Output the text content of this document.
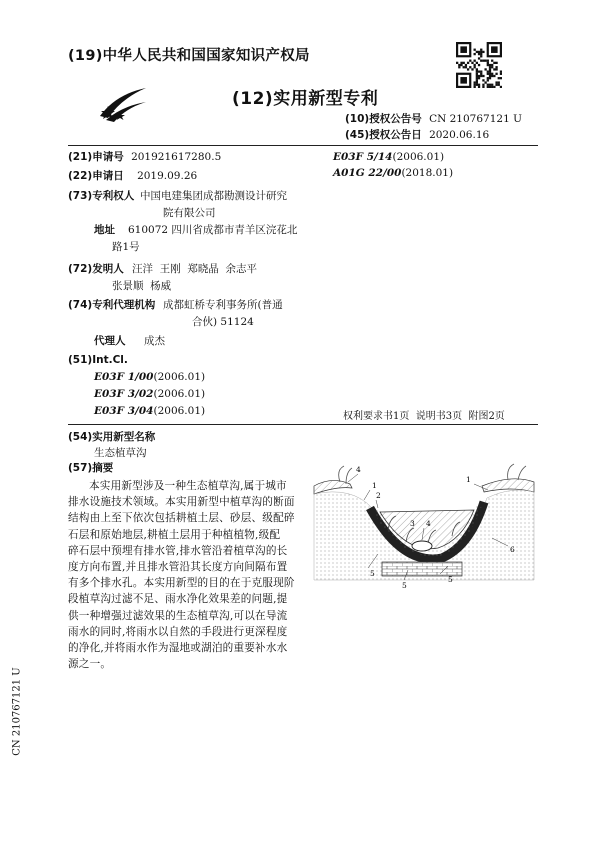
(19)中华人民共和国国家知识产权局
(12)实用新型专利
(10)授权公告号 CN 210767121 U
(45)授权公告日 2020.06.16
(21)申请号 201921617280.5
(22)申请日 2019.09.26
(73)专利权人 中国电建集团成都勘测设计研究
院有限公司
地址 610072 四川省成都市青羊区浣花北
路1号
(72)发明人 汪洋  王刚  郑晓晶  余志平
张景顺  杨威
(74)专利代理机构 成都虹桥专利事务所(普通
合伙) 51124
代理人 成杰
(51)Int.Cl.
E03F 1/00(2006.01)
E03F 3/02(2006.01)
E03F 3/04(2006.01)
E03F 5/14(2006.01)
A01G 22/00(2018.01)
权利要求书1页  说明书3页  附图2页
(54)实用新型名称
生态植草沟
(57)摘要
本实用新型涉及一种生态植草沟,属于城市
排水设施技术领域。本实用新型中植草沟的断面
结构由上至下依次包括耕植土层、砂层、级配碎
石层和原始地层,耕植土层用于种植植物,级配
碎石层中预埋有排水管,排水管沿着植草沟的长
度方向布置,并且排水管沿其长度方向间隔布置
有多个排水孔。本实用新型的目的在于克服现阶
段植草沟过滤不足、雨水净化效果差的问题,提
供一种增强过滤效果的生态植草沟,可以在导流
雨水的同时,将雨水以自然的手段进行更深程度
的净化,并将雨水作为湿地或湖泊的重要补水水
源之一。
4
1
2
3 4
1
6
5
5
5
CN 210767121 U
